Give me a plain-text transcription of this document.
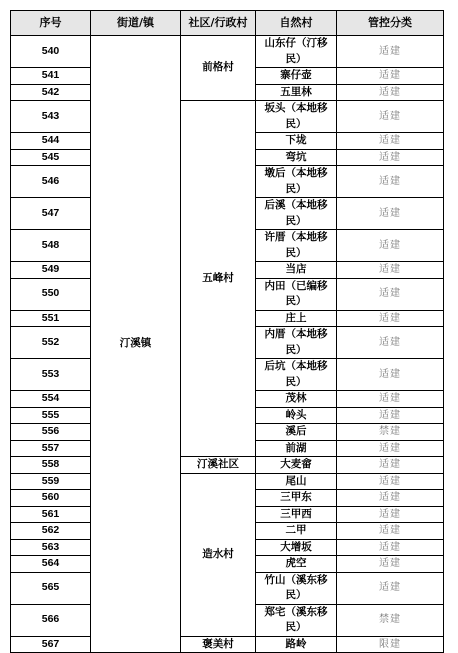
序号	街道/镇	社区/行政村	自然村	管控分类
540	汀溪镇	前格村	山东仔（汀移民）	适建
541			寨仔壶	适建
542			五里林	适建
543		五峰村	坂头（本地移民）	适建
544			下垅	适建
545			弯坑	适建
546			墩后（本地移民）	适建
547			后溪（本地移民）	适建
548			许厝（本地移民）	适建
549			当店	适建
550			内田（已编移民）	适建
551			庄上	适建
552			内厝（本地移民）	适建
553			后坑（本地移民）	适建
554			茂林	适建
555			岭头	适建
556			溪后	禁建
557			前湖	适建
558		汀溪社区	大麦畲	适建
559		造水村	尾山	适建
560			三甲东	适建
561			三甲西	适建
562			二甲	适建
563			大增坂	适建
564			虎空	适建
565			竹山（溪东移民）	适建
566			郑宅（溪东移民）	禁建
567		褒美村	路岭	限建
